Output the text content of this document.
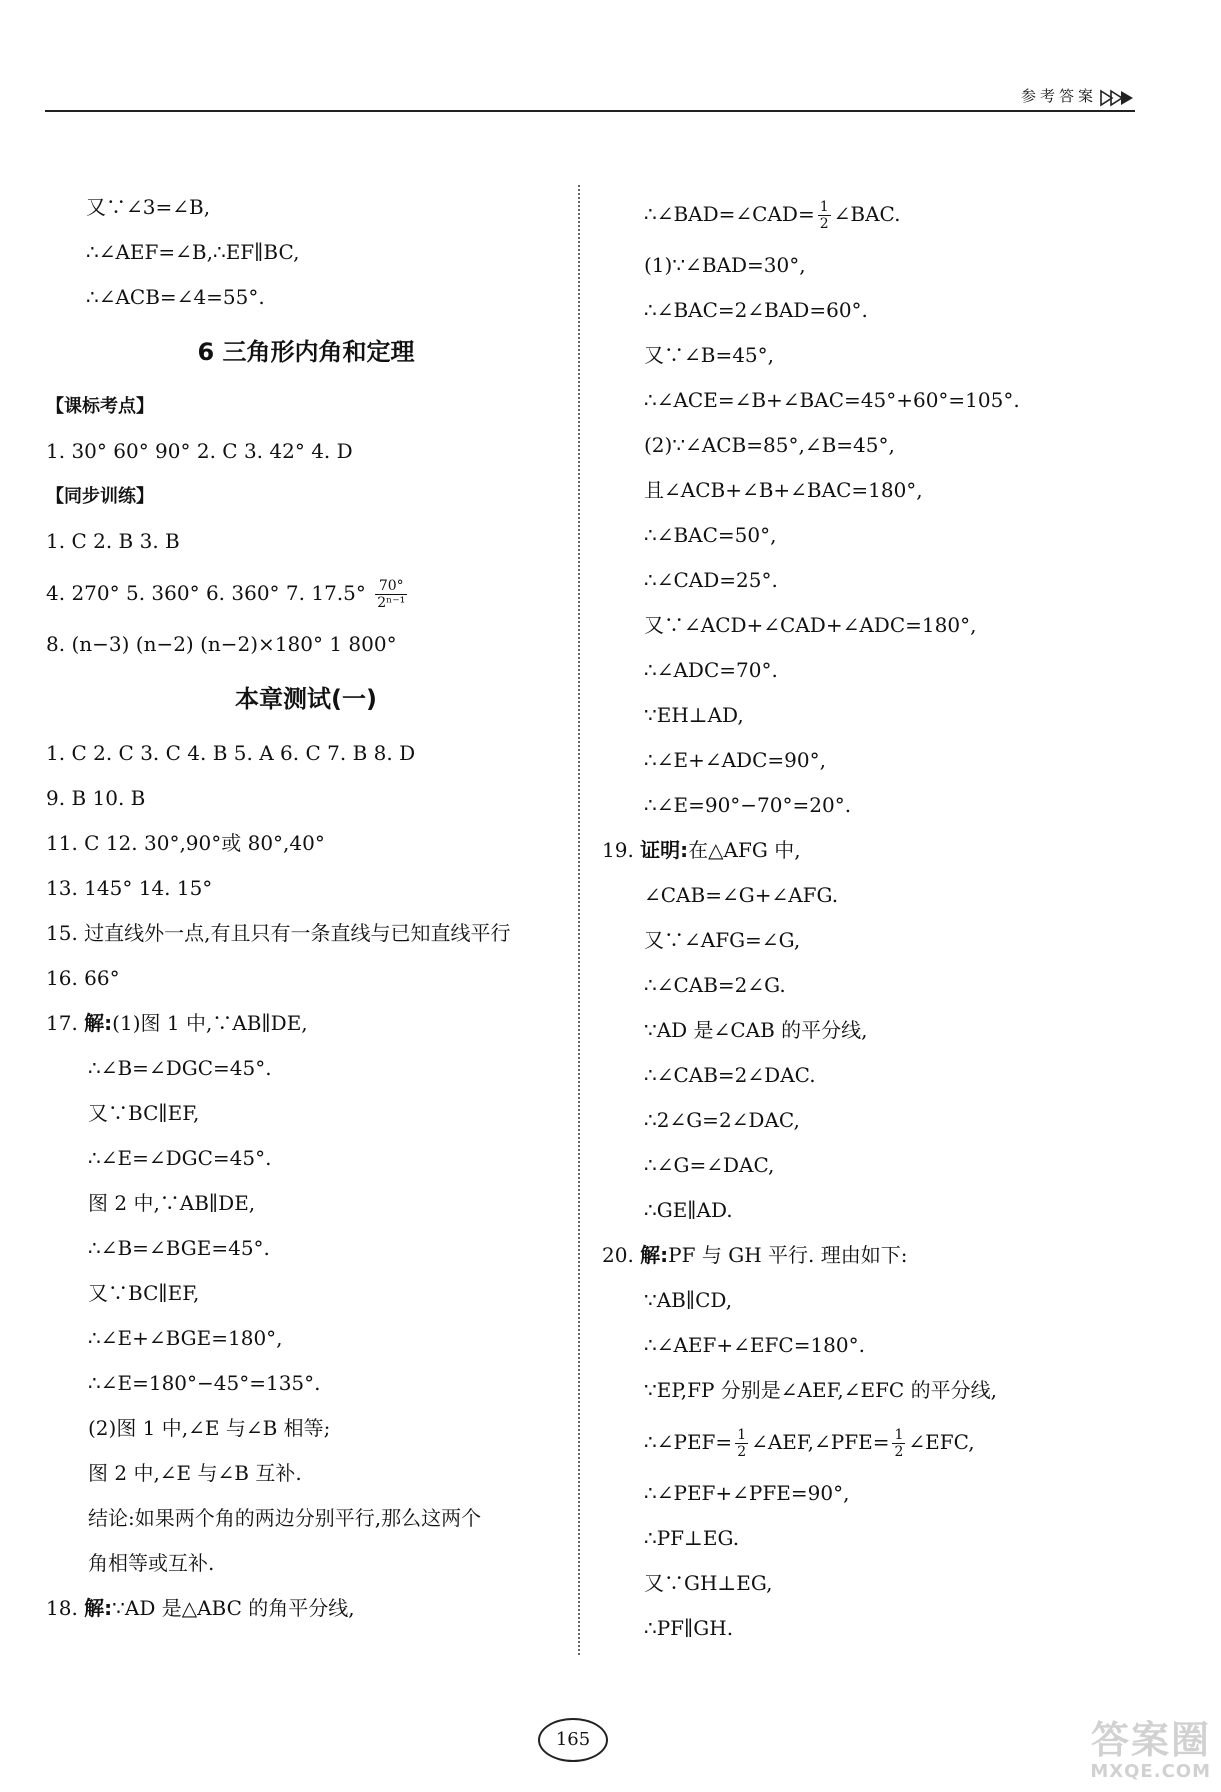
参考答案
又∵∠3=∠B,
∴∠AEF=∠B,∴EF∥BC,
∴∠ACB=∠4=55°.
6 三角形内角和定理
【课标考点】
1. 30° 60° 90° 2. C 3. 42° 4. D
【同步训练】
1. C 2. B 3. B
4. 270° 5. 360° 6. 360° 7. $17.5^\circ \frac{70^\circ}{\text{2ⁿ⁻¹}}$
8. (n−3) (n−2) (n−2)×180° 1 800°
本章测试(一)
1. C 2. C 3. C 4. B 5. A 6. C 7. B 8. D
9. B 10. B
11. C 12. 30°,90°或 80°,40°
13. 145° 14. 15°
15. 过直线外一点,有且只有一条直线与已知直线平行
16. 66°
17. 解:(1)图 1 中,∵AB∥DE,
∴∠B=∠DGC=45°.
又∵BC∥EF,
∴∠E=∠DGC=45°.
图 2 中,∵AB∥DE,
∴∠B=∠BGE=45°.
又∵BC∥EF,
∴∠E+∠BGE=180°,
∴∠E=180°−45°=135°.
(2)图 1 中,∠E 与∠B 相等;
图 2 中,∠E 与∠B 互补.
结论:如果两个角的两边分别平行,那么这两个
角相等或互补.
18. 解:∵AD 是△ABC 的角平分线,
∴∠BAD=∠CAD= $\frac{1}{2}$ ∠BAC.
(1)∵∠BAD=30°,
∴∠BAC=2∠BAD=60°.
又∵∠B=45°,
∴∠ACE=∠B+∠BAC=45°+60°=105°.
(2)∵∠ACB=85°,∠B=45°,
且∠ACB+∠B+∠BAC=180°,
∴∠BAC=50°,
∴∠CAD=25°.
又∵∠ACD+∠CAD+∠ADC=180°,
∴∠ADC=70°.
∵EH⊥AD,
∴∠E+∠ADC=90°,
∴∠E=90°−70°=20°.
19. 证明:在△AFG 中,
∠CAB=∠G+∠AFG.
又∵∠AFG=∠G,
∴∠CAB=2∠G.
∵AD 是∠CAB 的平分线,
∴∠CAB=2∠DAC.
∴2∠G=2∠DAC,
∴∠G=∠DAC,
∴GE∥AD.
20. 解:PF 与 GH 平行. 理由如下:
∵AB∥CD,
∴∠AEF+∠EFC=180°.
∵EP,FP 分别是∠AEF,∠EFC 的平分线,
∴∠PEF= $\frac{1}{2}$ ∠AEF,∠PFE= $\frac{1}{2}$ ∠EFC,
∴∠PEF+∠PFE=90°,
∴PF⊥EG.
又∵GH⊥EG,
∴PF∥GH.
165	答案圈
MXQE.COM
